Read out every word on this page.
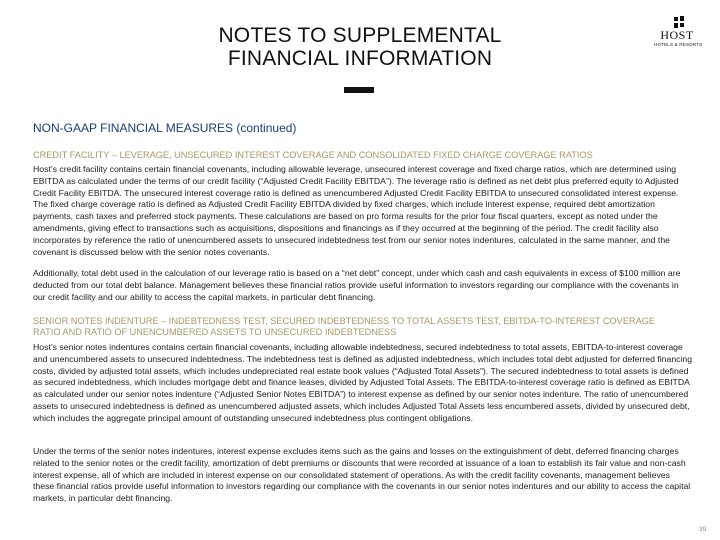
NOTES TO SUPPLEMENTAL
FINANCIAL INFORMATION
HOST
HOTELS & RESORTS
NON-GAAP FINANCIAL MEASURES (continued)
CREDIT FACILITY – LEVERAGE, UNSECURED INTEREST COVERAGE AND CONSOLIDATED FIXED CHARGE COVERAGE RATIOS

Host’s credit facility contains certain financial covenants, including allowable leverage, unsecured interest coverage and fixed charge ratios, which are determined using EBITDA as calculated under the terms of our credit facility (“Adjusted Credit Facility EBITDA”). The leverage ratio is defined as net debt plus preferred equity to Adjusted Credit Facility EBITDA. The unsecured interest coverage ratio is defined as unencumbered Adjusted Credit Facility EBITDA to unsecured consolidated interest expense. The fixed charge coverage ratio is defined as Adjusted Credit Facility EBITDA divided by fixed charges, which include interest expense, required debt amortization payments, cash taxes and preferred stock payments. These calculations are based on pro forma results for the prior four fiscal quarters, except as noted under the amendments, giving effect to transactions such as acquisitions, dispositions and financings as if they occurred at the beginning of the period. The credit facility also incorporates by reference the ratio of unencumbered assets to unsecured indebtedness test from our senior notes indentures, calculated in the same manner, and the covenant is discussed below with the senior notes covenants.

Additionally, total debt used in the calculation of our leverage ratio is based on a “net debt” concept, under which cash and cash equivalents in excess of $100 million are deducted from our total debt balance. Management believes these financial ratios provide useful information to investors regarding our compliance with the covenants in our credit facility and our ability to access the capital markets, in particular debt financing.

SENIOR NOTES INDENTURE – INDEBTEDNESS TEST, SECURED INDEBTEDNESS TO TOTAL ASSETS TEST, EBITDA-TO-INTEREST COVERAGE
RATIO AND RATIO OF UNENCUMBERED ASSETS TO UNSECURED INDEBTEDNESS

Host’s senior notes indentures contains certain financial covenants, including allowable indebtedness, secured indebtedness to total assets, EBITDA-to-interest coverage and unencumbered assets to unsecured indebtedness. The indebtedness test is defined as adjusted indebtedness, which includes total debt adjusted for deferred financing costs, divided by adjusted total assets, which includes undepreciated real estate book values (“Adjusted Total Assets”). The secured indebtedness to total assets is defined as secured indebtedness, which includes mortgage debt and finance leases, divided by Adjusted Total Assets. The EBITDA-to-interest coverage ratio is defined as EBITDA as calculated under our senior notes indenture (“Adjusted Senior Notes EBITDA”) to interest expense as defined by our senior notes indenture. The ratio of unencumbered assets to unsecured indebtedness is defined as unencumbered adjusted assets, which includes Adjusted Total Assets less encumbered assets, divided by unsecured debt, which includes the aggregate principal amount of outstanding unsecured indebtedness plus contingent obligations.

Under the terms of the senior notes indentures, interest expense excludes items such as the gains and losses on the extinguishment of debt, deferred financing charges related to the senior notes or the credit facility, amortization of debt premiums or discounts that were recorded at issuance of a loan to establish its fair value and non-cash interest expense, all of which are included in interest expense on our consolidated statement of operations. As with the credit facility covenants, management believes these financial ratios provide useful information to investors regarding our compliance with the covenants in our senior notes indentures and our ability to access the capital markets, in particular debt financing.

39
